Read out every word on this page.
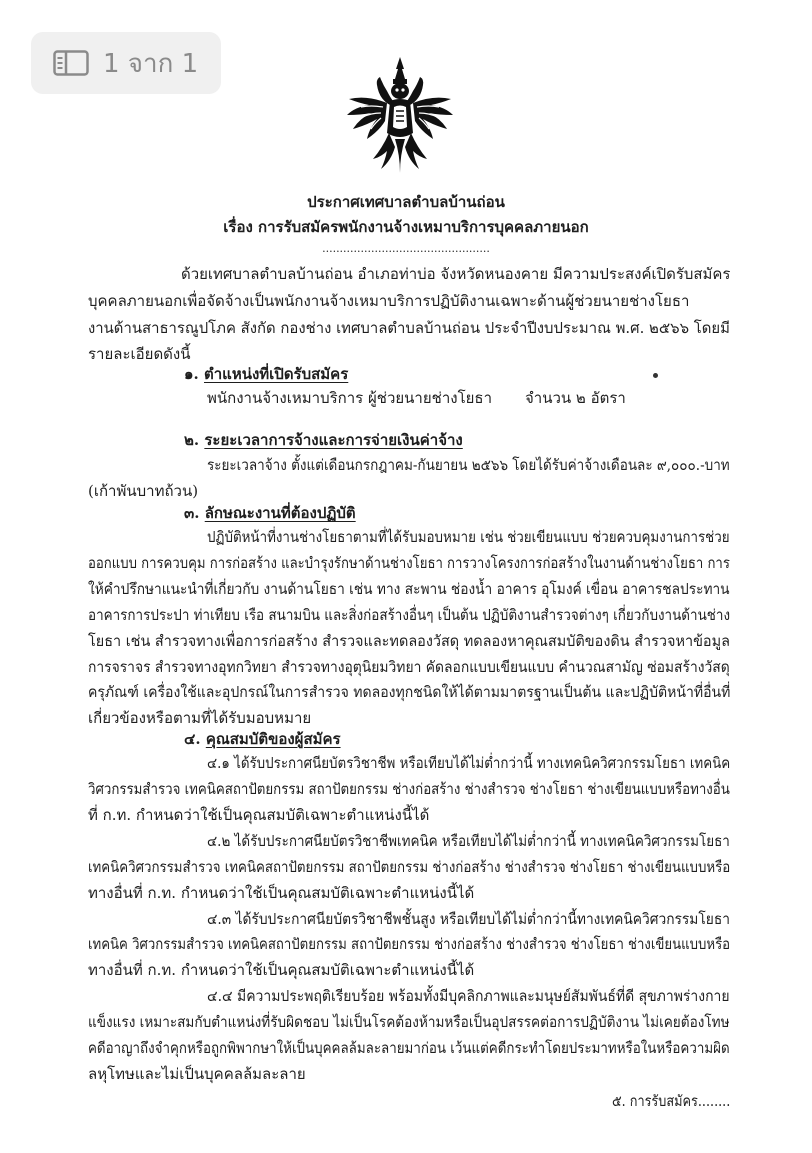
1 จาก 1
ประกาศเทศบาลตำบลบ้านถ่อน
เรื่อง การรับสมัครพนักงานจ้างเหมาบริการบุคคลภายนอก
................................................
ด้วยเทศบาลตำบลบ้านถ่อน อำเภอท่าบ่อ จังหวัดหนองคาย มีความประสงค์เปิดรับสมัคร
บุคคลภายนอกเพื่อจัดจ้างเป็นพนักงานจ้างเหมาบริการปฏิบัติงานเฉพาะด้านผู้ช่วยนายช่างโยธา
งานด้านสาธารณูปโภค สังกัด กองช่าง เทศบาลตำบลบ้านถ่อน ประจำปีงบประมาณ พ.ศ. ๒๕๖๖ โดยมี
รายละเอียดดังนี้
๑. ตำแหน่งที่เปิดรับสมัคร
พนักงานจ้างเหมาบริการ ผู้ช่วยนายช่างโยธา จำนวน ๒ อัตรา
๒. ระยะเวลาการจ้างและการจ่ายเงินค่าจ้าง
ระยะเวลาจ้าง ตั้งแต่เดือนกรกฎาคม-กันยายน ๒๕๖๖ โดยได้รับค่าจ้างเดือนละ ๙,๐๐๐.-บาท
(เก้าพันบาทถ้วน)
๓. ลักษณะงานที่ต้องปฏิบัติ
ปฏิบัติหน้าที่งานช่างโยธาตามที่ได้รับมอบหมาย เช่น ช่วยเขียนแบบ ช่วยควบคุมงานการช่วย
ออกแบบ การควบคุม การก่อสร้าง และบำรุงรักษาด้านช่างโยธา การวางโครงการก่อสร้างในงานด้านช่างโยธา การ
ให้คำปรึกษาแนะนำที่เกี่ยวกับ งานด้านโยธา เช่น ทาง สะพาน ช่องน้ำ อาคาร อุโมงค์ เขื่อน อาคารชลประทาน
อาคารการประปา ท่าเทียบ เรือ สนามบิน และสิ่งก่อสร้างอื่นๆ เป็นต้น ปฏิบัติงานสำรวจต่างๆ เกี่ยวกับงานด้านช่าง
โยธา เช่น สำรวจทางเพื่อการก่อสร้าง สำรวจและทดลองวัสดุ ทดลองหาคุณสมบัติของดิน สำรวจหาข้อมูล
การจราจร สำรวจทางอุทกวิทยา สำรวจทางอุตุนิยมวิทยา คัดลอกแบบเขียนแบบ คำนวณสามัญ ซ่อมสร้างวัสดุ
ครุภัณฑ์ เครื่องใช้และอุปกรณ์ในการสำรวจ ทดลองทุกชนิดให้ได้ตามมาตรฐานเป็นต้น และปฏิบัติหน้าที่อื่นที่
เกี่ยวข้องหรือตามที่ได้รับมอบหมาย
๔. คุณสมบัติของผู้สมัคร
๔.๑ ได้รับประกาศนียบัตรวิชาชีพ หรือเทียบได้ไม่ต่ำกว่านี้ ทางเทคนิควิศวกรรมโยธา เทคนิค
วิศวกรรมสำรวจ เทคนิคสถาปัตยกรรม สถาปัตยกรรม ช่างก่อสร้าง ช่างสำรวจ ช่างโยธา ช่างเขียนแบบหรือทางอื่น
ที่ ก.ท. กำหนดว่าใช้เป็นคุณสมบัติเฉพาะตำแหน่งนี้ได้
๔.๒ ได้รับประกาศนียบัตรวิชาชีพเทคนิค หรือเทียบได้ไม่ต่ำกว่านี้ ทางเทคนิควิศวกรรมโยธา
เทคนิควิศวกรรมสำรวจ เทคนิคสถาปัตยกรรม สถาปัตยกรรม ช่างก่อสร้าง ช่างสำรวจ ช่างโยธา ช่างเขียนแบบหรือ
ทางอื่นที่ ก.ท. กำหนดว่าใช้เป็นคุณสมบัติเฉพาะตำแหน่งนี้ได้
๔.๓ ได้รับประกาศนียบัตรวิชาชีพชั้นสูง หรือเทียบได้ไม่ต่ำกว่านี้ทางเทคนิควิศวกรรมโยธา
เทคนิค วิศวกรรมสำรวจ เทคนิคสถาปัตยกรรม สถาปัตยกรรม ช่างก่อสร้าง ช่างสำรวจ ช่างโยธา ช่างเขียนแบบหรือ
ทางอื่นที่ ก.ท. กำหนดว่าใช้เป็นคุณสมบัติเฉพาะตำแหน่งนี้ได้
๔.๔ มีความประพฤติเรียบร้อย พร้อมทั้งมีบุคลิกภาพและมนุษย์สัมพันธ์ที่ดี สุขภาพร่างกาย
แข็งแรง เหมาะสมกับตำแหน่งที่รับผิดชอบ ไม่เป็นโรคต้องห้ามหรือเป็นอุปสรรคต่อการปฏิบัติงาน ไม่เคยต้องโทษ
คดีอาญาถึงจำคุกหรือถูกพิพากษาให้เป็นบุคคลล้มละลายมาก่อน เว้นแต่คดีกระทำโดยประมาทหรือในหรือความผิด
ลหุโทษและไม่เป็นบุคคลล้มละลาย
๕. การรับสมัคร........
